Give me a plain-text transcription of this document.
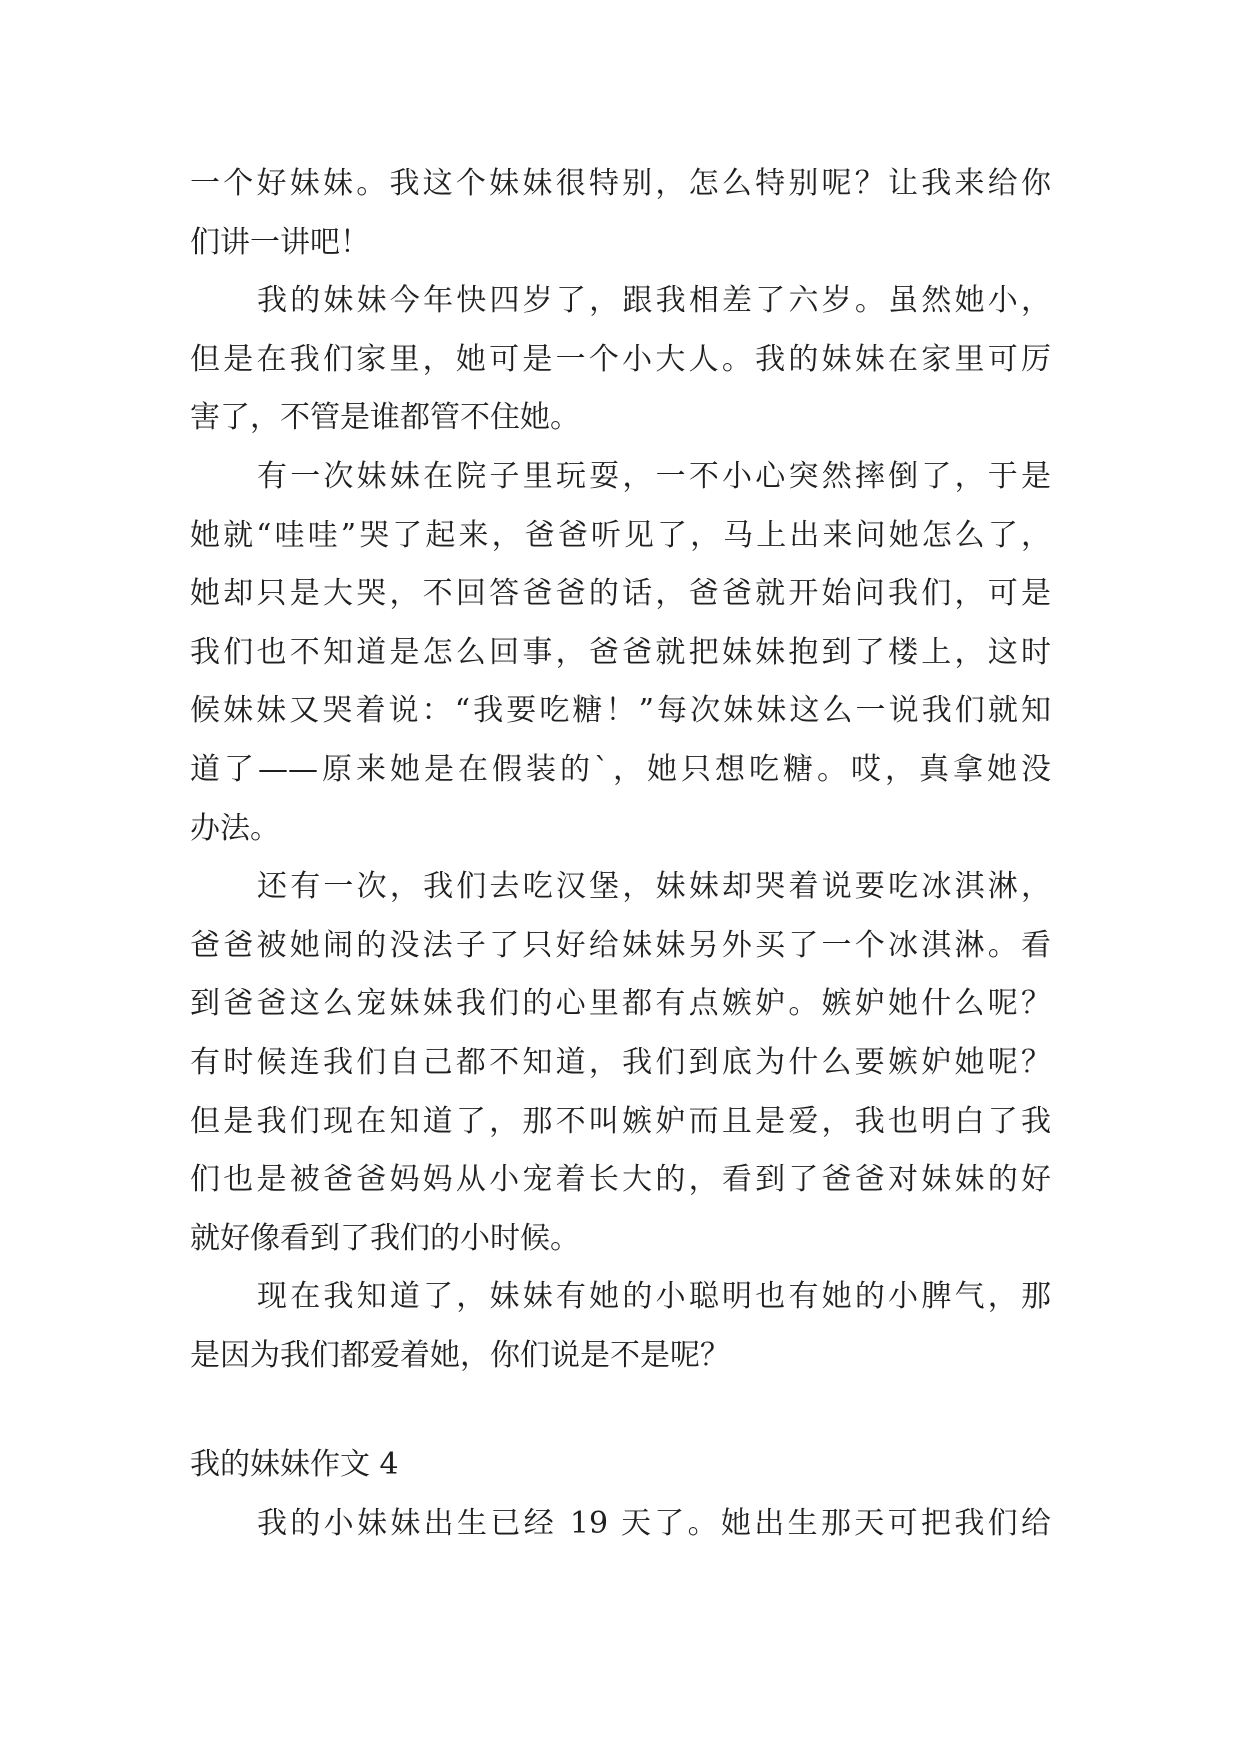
一个好妹妹。我这个妹妹很特别，怎么特别呢？让我来给你
们讲一讲吧！
我的妹妹今年快四岁了，跟我相差了六岁。虽然她小，
但是在我们家里，她可是一个小大人。我的妹妹在家里可厉
害了，不管是谁都管不住她。
有一次妹妹在院子里玩耍，一不小心突然摔倒了，于是
她就“哇哇”哭了起来，爸爸听见了，马上出来问她怎么了，
她却只是大哭，不回答爸爸的话，爸爸就开始问我们，可是
我们也不知道是怎么回事，爸爸就把妹妹抱到了楼上，这时
候妹妹又哭着说：“我要吃糖！”每次妹妹这么一说我们就知
道了——原来她是在假装的`，她只想吃糖。哎，真拿她没
办法。
还有一次，我们去吃汉堡，妹妹却哭着说要吃冰淇淋，
爸爸被她闹的没法子了只好给妹妹另外买了一个冰淇淋。看
到爸爸这么宠妹妹我们的心里都有点嫉妒。嫉妒她什么呢？
有时候连我们自己都不知道，我们到底为什么要嫉妒她呢？
但是我们现在知道了，那不叫嫉妒而且是爱，我也明白了我
们也是被爸爸妈妈从小宠着长大的，看到了爸爸对妹妹的好
就好像看到了我们的小时候。
现在我知道了，妹妹有她的小聪明也有她的小脾气，那
是因为我们都爱着她，你们说是不是呢？
我的妹妹作文 4
我的小妹妹出生已经 19 天了。她出生那天可把我们给
